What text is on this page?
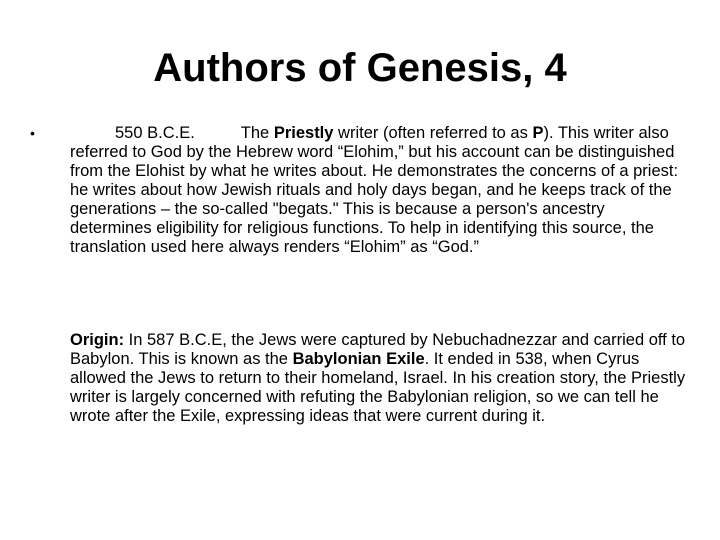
Authors of Genesis, 4
•	550 B.C.E.	The Priestly writer (often referred to as P). This writer also referred to God by the Hebrew word “Elohim,” but his account can be distinguished from the Elohist by what he writes about. He demonstrates the concerns of a priest: he writes about how Jewish rituals and holy days began, and he keeps track of the generations – the so-called "begats." This is because a person's ancestry determines eligibility for religious functions. To help in identifying this source, the translation used here always renders “Elohim” as “God.”
Origin: In 587 B.C.E, the Jews were captured by Nebuchadnezzar and carried off to Babylon. This is known as the Babylonian Exile. It ended in 538, when Cyrus allowed the Jews to return to their homeland, Israel. In his creation story, the Priestly writer is largely concerned with refuting the Babylonian religion, so we can tell he wrote after the Exile, expressing ideas that were current during it.
